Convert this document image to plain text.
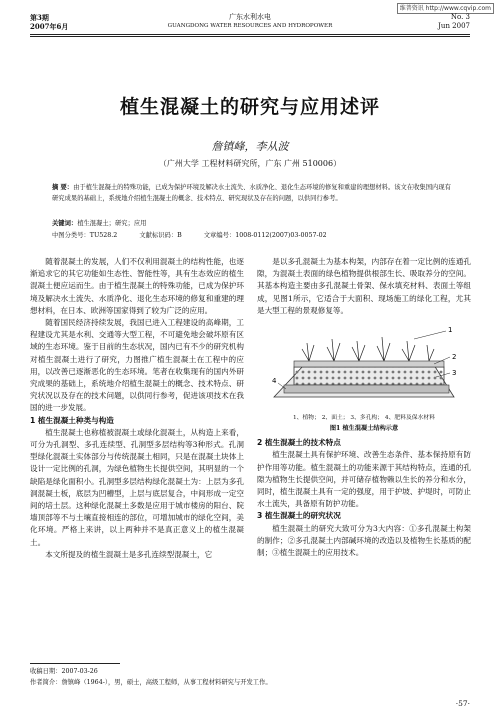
维普资讯 http://www.cqvip.com
第3期
2007年6月
广东水利水电
GUANGDONG WATER RESOURCES AND HYDROPOWER
No. 3
Jun 2007
植生混凝土的研究与应用述评
詹镇峰，李从波
（广州大学 工程材料研究所，广东 广州 510006）
摘 要：由于植生混凝土的特殊功能，已成为保护环境及解决水土流失、水质净化、退化生态环境的修复和重建的理想材料。该文在收集国内现有研究成果的基础上，系统地介绍植生混凝土的概念、技术特点、研究现状及存在的问题，以供同行参考。
关键词：植生混凝土；研究；应用
中图分类号：TU528.2	文献标识码：B	文章编号：1008-0112(2007)03-0057-02

随着混凝土的发展，人们不仅利用混凝土的结构性能，也逐渐追求它的其它功能如生态性、智能性等，具有生态效应的植生混凝土便应运而生。由于植生混凝土的特殊功能，已成为保护环境及解决水土流失、水质净化、退化生态环境的修复和重建的理想材料，在日本、欧洲等国家得到了较为广泛的应用。

随着国民经济持续发展，我国已进入工程建设的高峰期，工程建设尤其是水利、交通等大型工程，不可避免地会破坏原有区域的生态环境。鉴于目前的生态状况，国内已有不少的研究机构对植生混凝土进行了研究，力图推广植生混凝土在工程中的应用，以改善已逐渐恶化的生态环境。笔者在收集现有的国内外研究成果的基础上，系统地介绍植生混凝土的概念、技术特点、研究状况以及存在的技术问题，以供同行参考，促进该项技术在我国的进一步发展。

1 植生混凝土种类与构造

植生混凝土也称植被混凝土或绿化混凝土，从构造上来看，可分为孔洞型、多孔连续型、孔洞型多层结构等3种形式。孔洞型绿化混凝土实体部分与传统混凝土相同，只是在混凝土块体上设计一定比例的孔洞，为绿色植物生长提供空间，其明显的一个缺陷是绿化面积小。孔洞型多层结构绿化混凝土为：上层为多孔洞混凝土板，底层为凹槽型，上层与底层复合，中间形成一定空间的培土层。这种绿化混凝土多数是应用于城市楼房的阳台、院墙顶部等不与土壤直接相连的部位，可增加城市的绿化空间，美化环境。严格上来讲，以上两种并不是真正意义上的植生混凝土。

本文所提及的植生混凝土是多孔连续型混凝土，它

是以多孔混凝土为基本构架，内部存在着一定比例的连通孔隙，为混凝土表面的绿色植物提供根部生长、吸取养分的空间。其基本构造主要由多孔混凝土骨架、保水填充材料、表面土等组成，见图1所示，它适合于大面积、现场施工的绿化工程，尤其是大型工程的景观修复等。

1
2
3
4
1、植物； 2、面土； 3、多孔构； 4、肥料及保水材料
图1 植生混凝土结构示意

2 植生混凝土的技术特点

植生混凝土具有保护环境、改善生态条件、基本保持原有防护作用等功能。植生混凝土的功能来源于其结构特点，连通的孔隙为植物生长提供空间，并可储存植物赖以生长的养分和水分，同时，植生混凝土具有一定的强度，用于护坡、护堤时，可防止水土流失，具备原有防护功能。

3 植生混凝土的研究状况

植生混凝土的研究大致可分为3大内容：①多孔混凝土构架的制作；②多孔混凝土内部碱环境的改造以及植物生长基质的配制；③植生混凝土的应用技术。

收稿日期：2007-03-26
作者简介：詹镇峰（1964-），男，硕士，高级工程师，从事工程材料研究与开发工作。
·57·
